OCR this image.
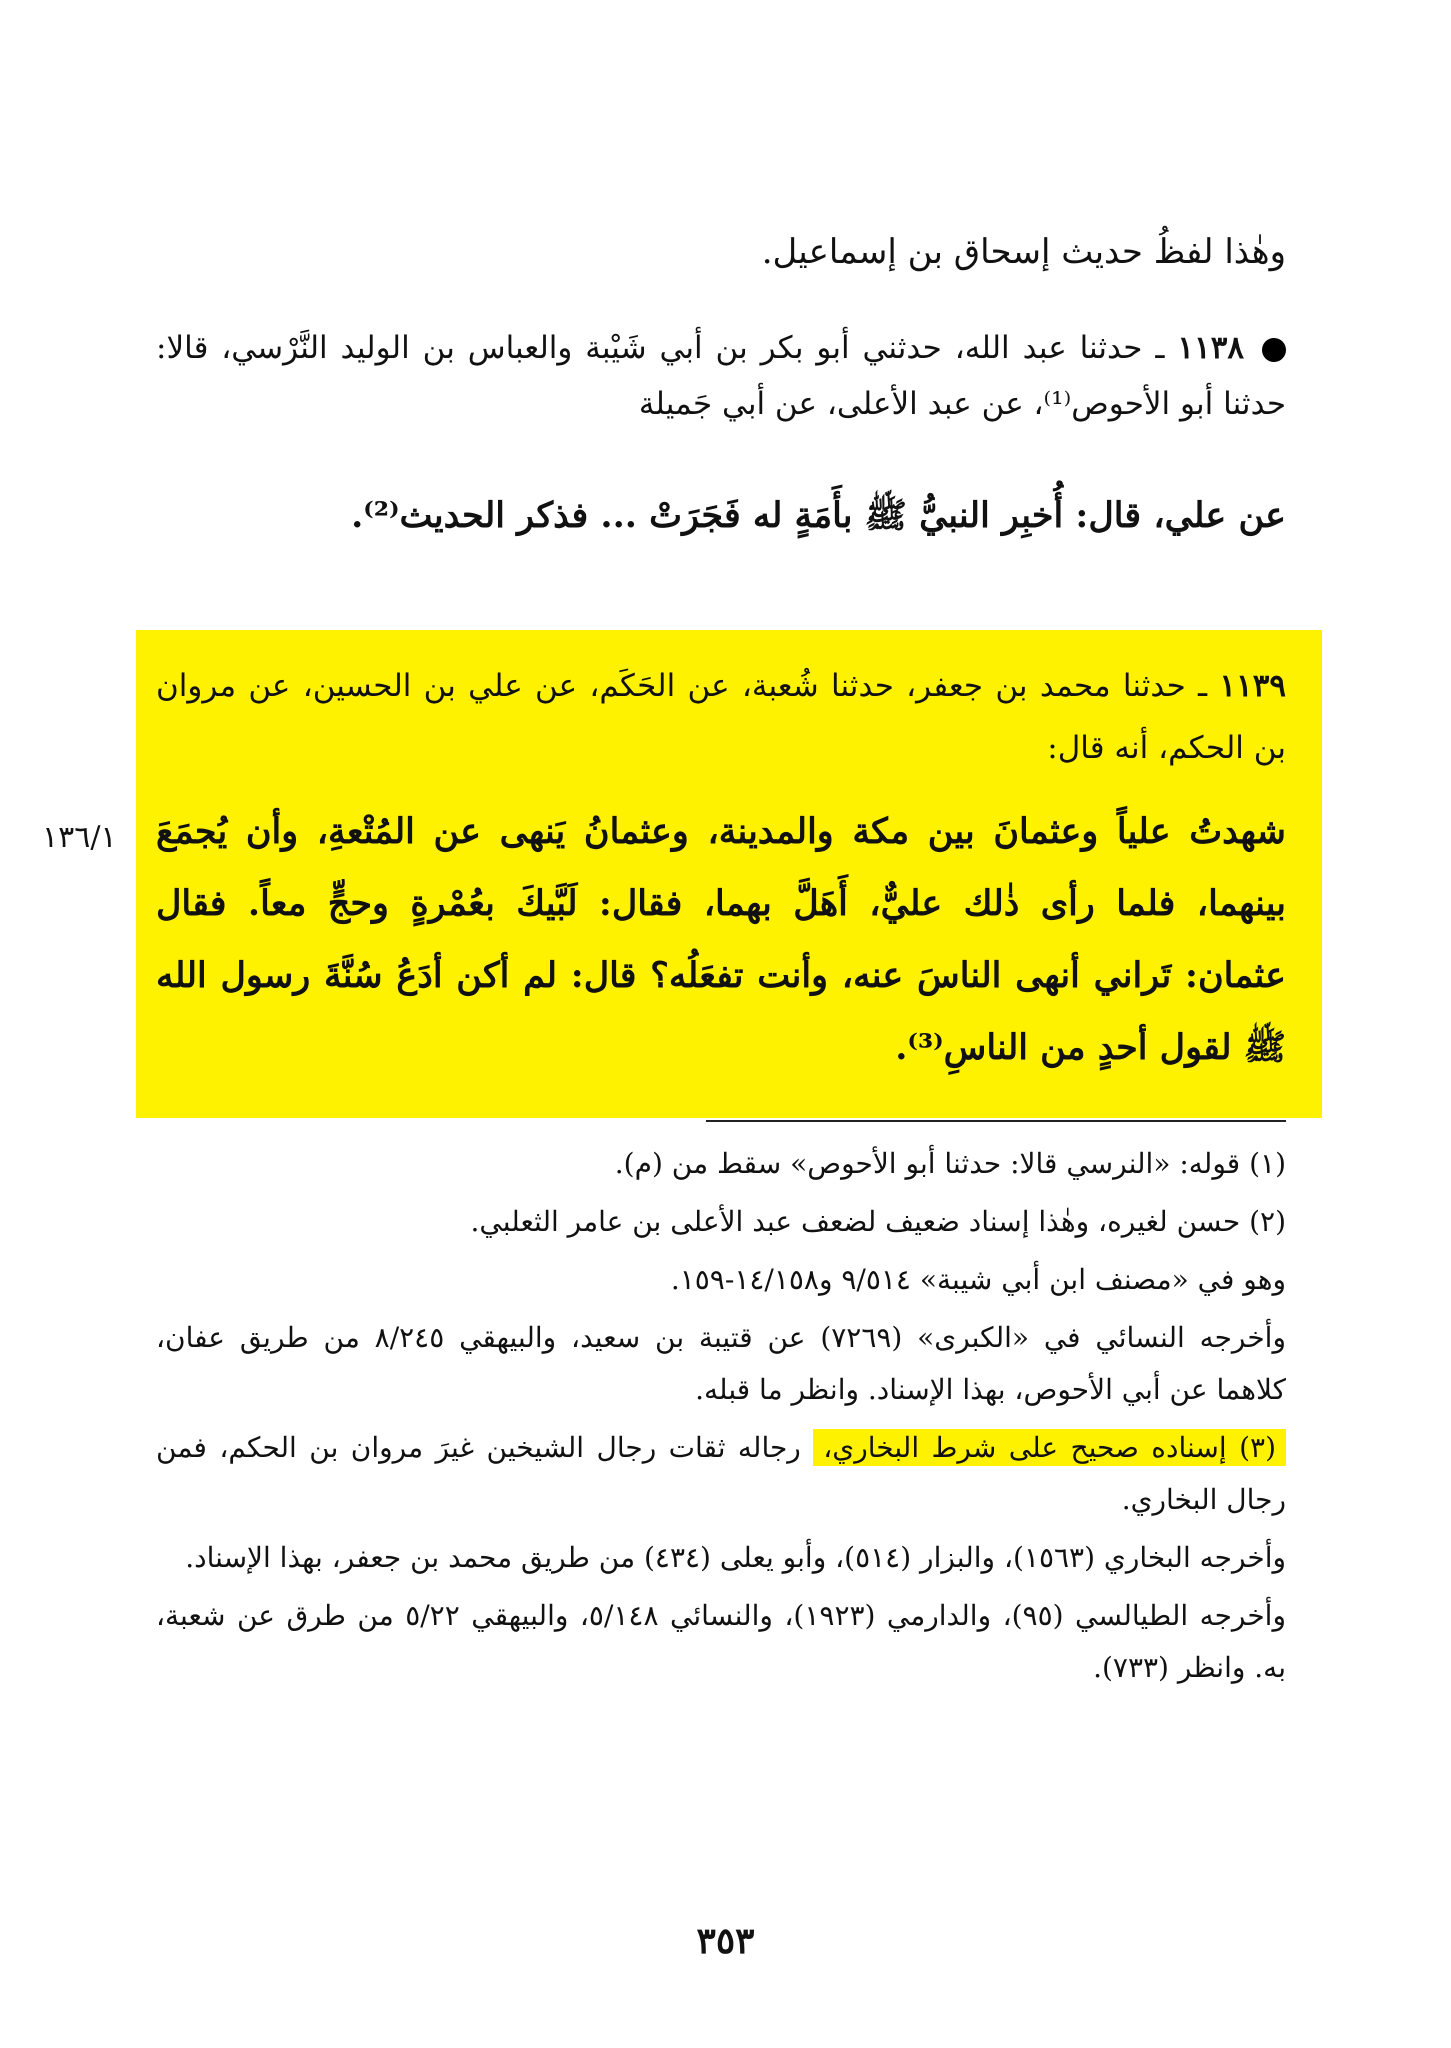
وهٰذا لفظُ حديث إسحاق بن إسماعيل.
١١٣٨ ـ حدثنا عبد الله، حدثني أبو بكر بن أبي شَيْبة والعباس بن الوليد النَّرْسي، قالا: حدثنا أبو الأحوص⁽¹⁾، عن عبد الأعلى، عن أبي جَميلة
عن علي، قال: أُخبِر النبيُّ ﷺ بأَمَةٍ له فَجَرَتْ ... فذكر الحديث⁽²⁾.
١١٣٩ ـ حدثنا محمد بن جعفر، حدثنا شُعبة، عن الحَكَم، عن علي بن الحسين، عن مروان بن الحكم، أنه قال:
شهدتُ علياً وعثمانَ بين مكة والمدينة، وعثمانُ يَنهى عن المُتْعةِ، وأن يُجمَعَ بينهما، فلما رأى ذٰلك عليٌّ، أَهَلَّ بهما، فقال: لَبَّيكَ بعُمْرةٍ وحجٍّ معاً. فقال عثمان: تَراني أنهى الناسَ عنه، وأنت تفعَلُه؟ قال: لم أكن أدَعُ سُنَّةَ رسول الله ﷺ لقول أحدٍ من الناسِ⁽³⁾.
١٣٦/١

(١) قوله: «النرسي قالا: حدثنا أبو الأحوص» سقط من (م).

(٢) حسن لغيره، وهٰذا إسناد ضعيف لضعف عبد الأعلى بن عامر الثعلبي.

وهو في «مصنف ابن أبي شيبة» ٩/٥١٤ و١٤/١٥٨-١٥٩.

وأخرجه النسائي في «الكبرى» (٧٢٦٩) عن قتيبة بن سعيد، والبيهقي ٨/٢٤٥ من طريق عفان، كلاهما عن أبي الأحوص، بهذا الإسناد. وانظر ما قبله.

(٣) إسناده صحيح على شرط البخاري، رجاله ثقات رجال الشيخين غيرَ مروان بن الحكم، فمن رجال البخاري.

وأخرجه البخاري (١٥٦٣)، والبزار (٥١٤)، وأبو يعلى (٤٣٤) من طريق محمد بن جعفر، بهذا الإسناد.

وأخرجه الطيالسي (٩٥)، والدارمي (١٩٢٣)، والنسائي ٥/١٤٨، والبيهقي ٥/٢٢ من طرق عن شعبة، به. وانظر (٧٣٣).

٣٥٣
